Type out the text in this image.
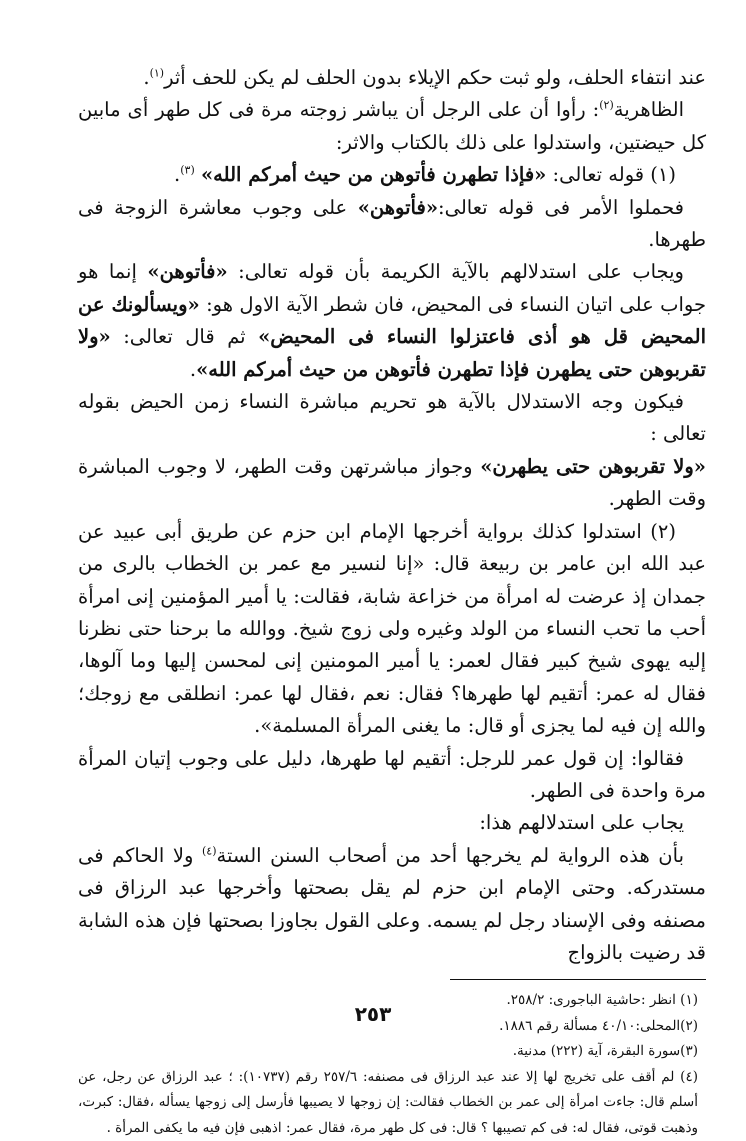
عند انتفاء الحلف، ولو ثبت حكم الإيلاء بدون الحلف لم يكن للحف أثر$^{(١)}$.

الظاهرية$^{(٢)}$: رأوا أن على الرجل أن يباشر زوجته مرة فى كل طهر أى مابين كل حيضتين، واستدلوا على ذلك بالكتاب والاثر:

(١) قوله تعالى: «فإذا تطهرن فأتوهن من حيث أمركم الله» $^{(٣)}$.

فحملوا الأمر فى قوله تعالى:«فأتوهن» على وجوب معاشرة الزوجة فى طهرها.

ويجاب على استدلالهم بالآية الكريمة بأن قوله تعالى: «فأتوهن» إنما هو جواب على اتيان النساء فى المحيض، فان شطر الآية الاول هو: «ويسألونك عن المحيض قل هو أذى فاعتزلوا النساء فى المحيض» ثم قال تعالى: «ولا تقربوهن حتى يطهرن فإذا تطهرن فأتوهن من حيث أمركم الله».

فيكون وجه الاستدلال بالآية هو تحريم مباشرة النساء زمن الحيض بقوله تعالى :

«ولا تقربوهن حتى يطهرن» وجواز مباشرتهن وقت الطهر، لا وجوب المباشرة وقت الطهر.

(٢) استدلوا كذلك برواية أخرجها الإمام ابن حزم عن طريق أبى عبيد عن عبد الله ابن عامر بن ربيعة قال: «إنا لنسير مع عمر بن الخطاب بالرى من جمدان إذ عرضت له امرأة من خزاعة شابة، فقالت: يا أمير المؤمنين إنى امرأة أحب ما تحب النساء من الولد وغيره ولى زوج شيخ. ووالله ما برحنا حتى نظرنا إليه يهوى شيخ كبير فقال لعمر: يا أمير المومنين إنى لمحسن إليها وما آلوها، فقال له عمر: أتقيم لها طهرها؟ فقال: نعم ،فقال لها عمر: انطلقى مع زوجك؛ والله إن فيه لما يجزى أو قال: ما يغنى المرأة المسلمة».

فقالوا: إن قول عمر للرجل: أتقيم لها طهرها، دليل على وجوب إتيان المرأة مرة واحدة فى الطهر.

يجاب على استدلالهم هذا:

بأن هذه الرواية لم يخرجها أحد من أصحاب السنن الستة$^{(٤)}$ ولا الحاكم فى مستدركه. وحتى الإمام ابن حزم لم يقل بصحتها وأخرجها عبد الرزاق فى مصنفه وفى الإسناد رجل لم يسمه. وعلى القول بجاوزا بصحتها فإن هذه الشابة قد رضيت بالزواج

(١) انظر :حاشية الباجورى: ٢٥٨/٢.

(٢)المحلى:٤٠/١٠ مسألة رقم ١٨٨٦.

(٣)سورة البقرة، آية (٢٢٢) مدنية.

(٤) لم أقف على تخريج لها إلا عند عبد الرزاق فى مصنفه: ٢٥٧/٦ رقم (١٠٧٣٧): ؛ عبد الرزاق عن رجل، عن أسلم قال: جاءت امرأة إلى عمر بن الخطاب فقالت: إن زوجها لا يصيبها فأرسل إلى زوجها يسأله ،فقال: كبرت، وذهبت قوتى، فقال له: فى كم تصيبها ؟ قال: فى كل طهر مرة، فقال عمر: اذهبى فإن فيه ما يكفى المرأة .

٢٥٣
